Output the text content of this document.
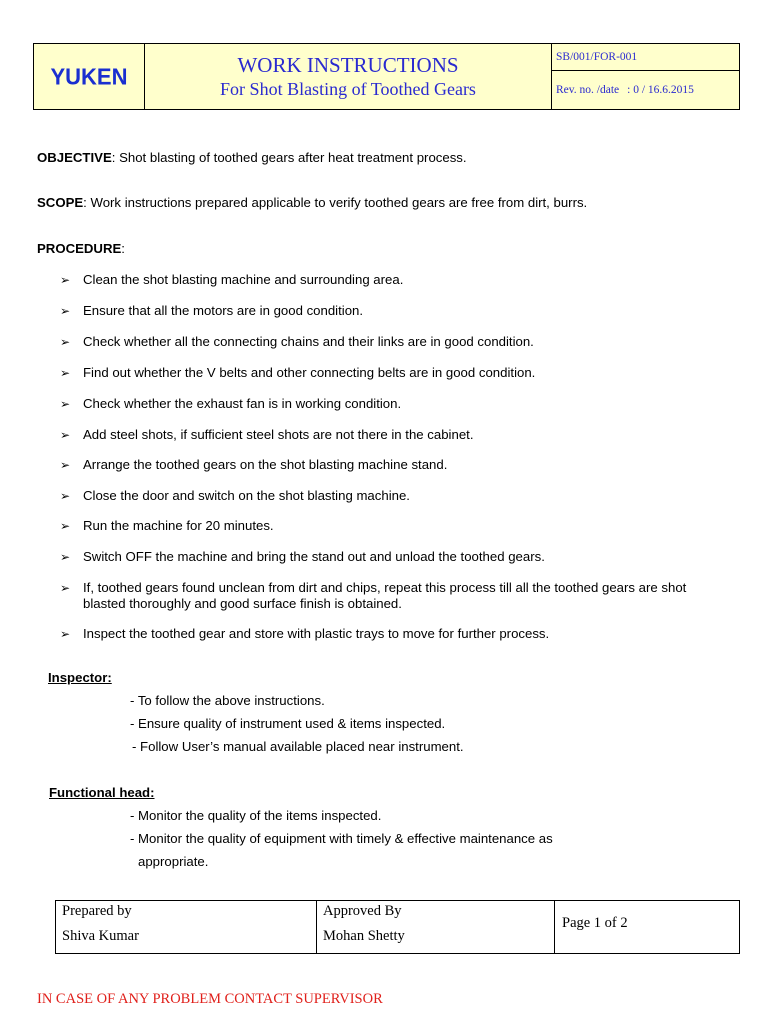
YUKEN	WORK INSTRUCTIONS
For Shot Blasting of Toothed Gears
SB/001/FOR-001
Rev. no. /date : 0 / 16.6.2015
OBJECTIVE: Shot blasting of toothed gears after heat treatment process.
SCOPE: Work instructions prepared applicable to verify toothed gears are free from dirt, burrs.
PROCEDURE:
➢ Clean the shot blasting machine and surrounding area.
➢ Ensure that all the motors are in good condition.
➢ Check whether all the connecting chains and their links are in good condition.
➢ Find out whether the V belts and other connecting belts are in good condition.
➢ Check whether the exhaust fan is in working condition.
➢ Add steel shots, if sufficient steel shots are not there in the cabinet.
➢ Arrange the toothed gears on the shot blasting machine stand.
➢ Close the door and switch on the shot blasting machine.
➢ Run the machine for 20 minutes.
➢ Switch OFF the machine and bring the stand out and unload the toothed gears.
➢ If, toothed gears found unclean from dirt and chips, repeat this process till all the toothed gears are shot blasted thoroughly and good surface finish is obtained.
➢ Inspect the toothed gear and store with plastic trays to move for further process.
Inspector:
- To follow the above instructions.
- Ensure quality of instrument used & items inspected.
- Follow User’s manual available placed near instrument.
Functional head:
- Monitor the quality of the items inspected.
- Monitor the quality of equipment with timely & effective maintenance as
appropriate.
Prepared by
Shiva Kumar
Approved By
Mohan Shetty
Page 1 of 2
IN CASE OF ANY PROBLEM CONTACT SUPERVISOR
